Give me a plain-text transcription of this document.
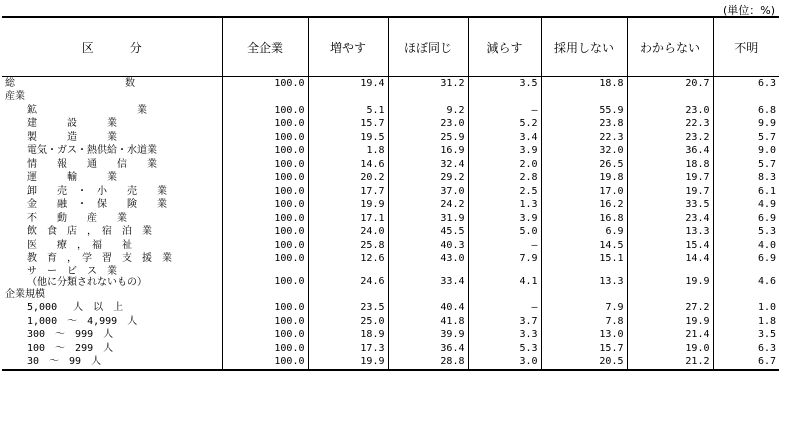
(単位：%)
区　　　分	全企業	増やす	ほぼ同じ	減らす	採用しない	わからない	不明
総　　　　　　　　　　　数	100.0	19.4	31.2	3.5	18.8	20.7	6.3
産業							
鉱　　　　　　　　　　業	100.0	5.1	9.2	—	55.9	23.0	6.8
建　　　設　　　業	100.0	15.7	23.0	5.2	23.8	22.3	9.9
製　　　造　　　業	100.0	19.5	25.9	3.4	22.3	23.2	5.7
電気・ガス・熱供給・水道業	100.0	1.8	16.9	3.9	32.0	36.4	9.0
情　　報　　通　　信　　業	100.0	14.6	32.4	2.0	26.5	18.8	5.7
運　　　輸　　　業	100.0	20.2	29.2	2.8	19.8	19.7	8.3
卸　　売　・　小　　売　　業	100.0	17.7	37.0	2.5	17.0	19.7	6.1
金　　融　・　保　　険　　業	100.0	19.9	24.2	1.3	16.2	33.5	4.9
不　　動　　産　　業	100.0	17.1	31.9	3.9	16.8	23.4	6.9
飲　食　店　，　宿　泊　業	100.0	24.0	45.5	5.0	6.9	13.3	5.3
医　　療　，　福　　祉	100.0	25.8	40.3	—	14.5	15.4	4.0
教　育　，　学　習　支　援　業	100.0	12.6	43.0	7.9	15.1	14.4	6.9

サ　ー　ビ　ス　業
（他に分類されないもの）	100.0	24.6	33.4	4.1	13.3	19.9	4.6
企業規模							
5,000 　人　以　上	100.0	23.5	40.4	—	7.9	27.2	1.0
1,000　〜　4,999　人	100.0	25.0	41.8	3.7	7.8	19.9	1.8
300　〜　999　人	100.0	18.9	39.9	3.3	13.0	21.4	3.5
100　〜　299　人	100.0	17.3	36.4	5.3	15.7	19.0	6.3
30　〜　99　人	100.0	19.9	28.8	3.0	20.5	21.2	6.7
